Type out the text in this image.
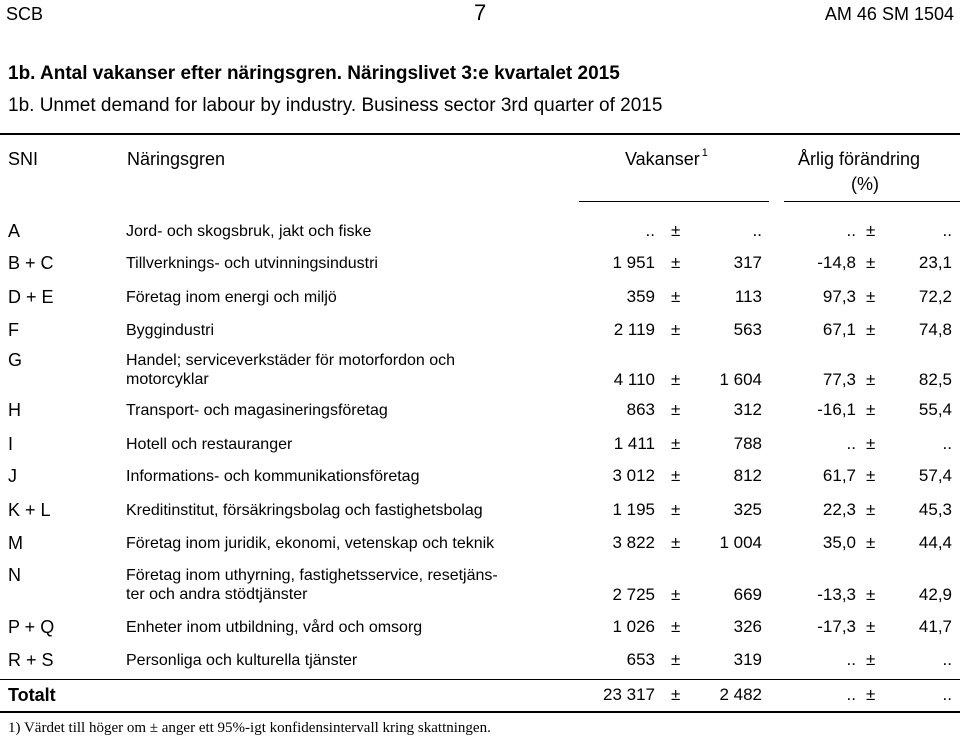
SCB	7	AM 46 SM 1504
1b. Antal vakanser efter näringsgren. Näringslivet 3:e kvartalet 2015
1b. Unmet demand for labour by industry. Business sector 3rd quarter of 2015
SNI	Näringsgren	Vakanser $^1$	Årlig förändring
(%)
A	Jord- och skogsbruk, jakt och fiske	.. ±	..	.. ±	..
B + C	Tillverknings- och utvinningsindustri	1 951 ±	317	-14,8 ±	23,1
D + E	Företag inom energi och miljö	359 ±	113	97,3 ±	72,2
F	Byggindustri	2 119 ±	563	67,1 ±	74,8
G	Handel; serviceverkstäder för motorfordon och
motorcyklar	4 110 ± 1 604	77,3 ±	82,5
H	Transport- och magasineringsföretag	863 ±	312	-16,1 ±	55,4
I	Hotell och restauranger	1 411 ±	788	.. ±	..
J	Informations- och kommunikationsföretag	3 012 ±	812	61,7 ±	57,4
K + L	Kreditinstitut, försäkringsbolag och fastighetsbolag	1 195 ±	325	22,3 ±	45,3
M	Företag inom juridik, ekonomi, vetenskap och teknik	3 822 ± 1 004	35,0 ±	44,4
N	Företag inom uthyrning, fastighetsservice, resetjäns-
ter och andra stödtjänster	2 725 ±	669	-13,3 ±	42,9
P + Q	Enheter inom utbildning, vård och omsorg	1 026 ±	326	-17,3 ±	41,7
R + S	Personliga och kulturella tjänster	653 ±	319	.. ±	..
Totalt	23 317 ± 2 482	.. ±	..
1) Värdet till höger om ± anger ett 95%-igt konfidensintervall kring skattningen.
